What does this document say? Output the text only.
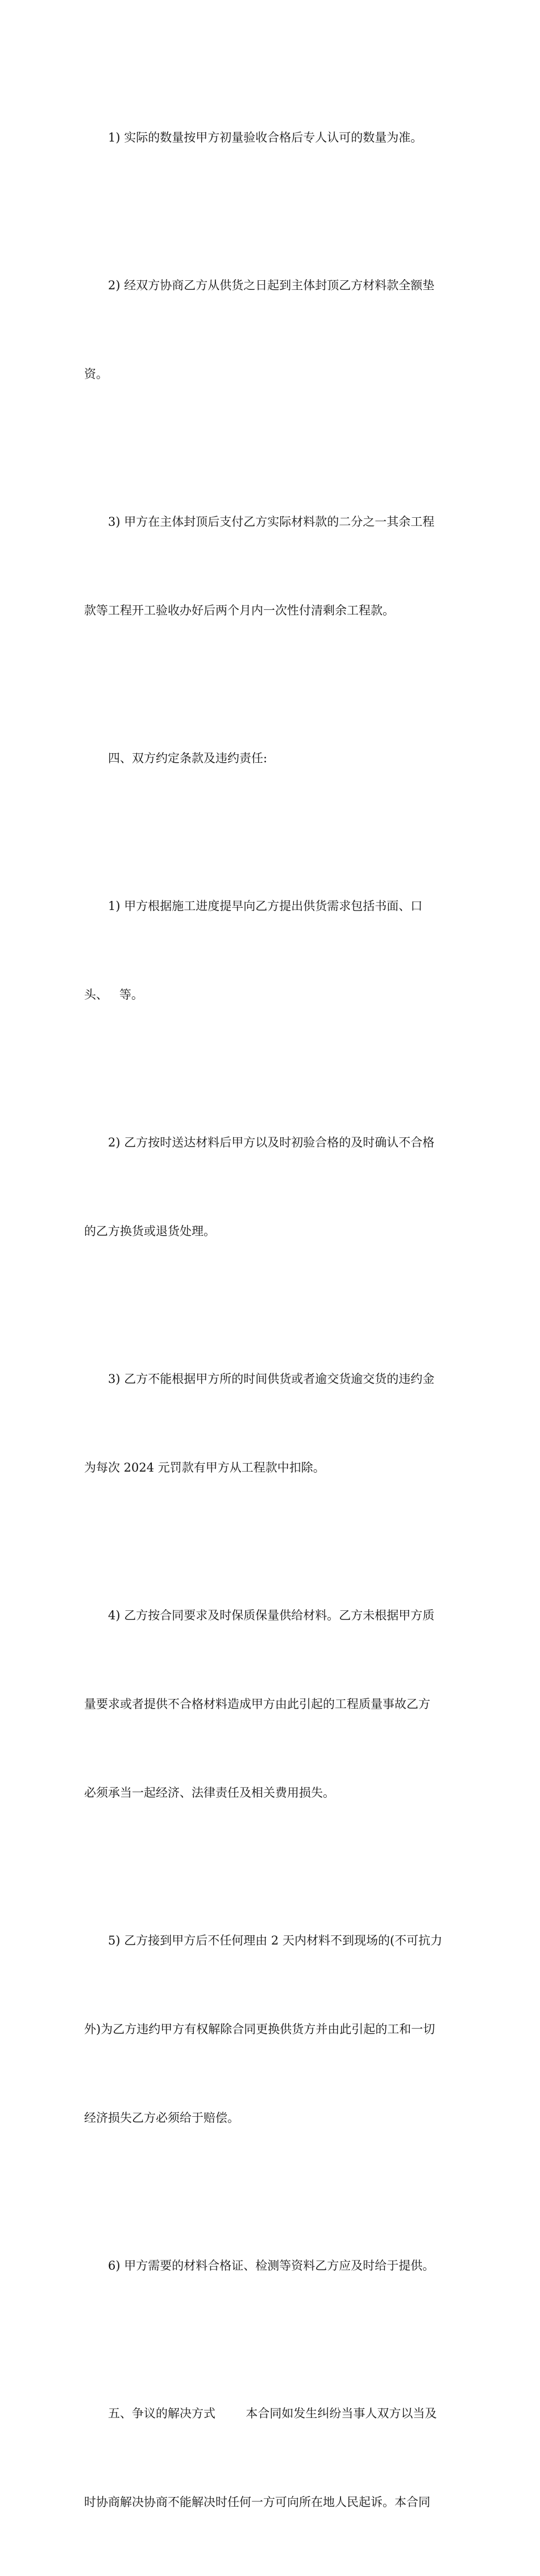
1) 实际的数量按甲方初量验收合格后专人认可的数量为准。

2) 经双方协商乙方从供货之日起到主体封顶乙方材料款全额垫

资。

3) 甲方在主体封顶后支付乙方实际材料款的二分之一其余工程

款等工程开工验收办好后两个月内一次性付清剩余工程款。

四、双方约定条款及违约责任:

1) 甲方根据施工进度提早向乙方提出供货需求包括书面、口

头、   等。

2) 乙方按时送达材料后甲方以及时初验合格的及时确认不合格

的乙方换货或退货处理。

3) 乙方不能根据甲方所的时间供货或者逾交货逾交货的违约金

为每次 2024 元罚款有甲方从工程款中扣除。

4) 乙方按合同要求及时保质保量供给材料。乙方未根据甲方质

量要求或者提供不合格材料造成甲方由此引起的工程质量事故乙方

必须承当一起经济、法律责任及相关费用损失。

5) 乙方接到甲方后不任何理由 2 天内材料不到现场的(不可抗力

外)为乙方违约甲方有权解除合同更换供货方并由此引起的工和一切

经济损失乙方必须给于赔偿。

6) 甲方需要的材料合格证、检测等资料乙方应及时给于提供。

五、争议的解决方式        本合同如发生纠纷当事人双方以当及

时协商解决协商不能解决时任何一方可向所在地人民起诉。本合同
